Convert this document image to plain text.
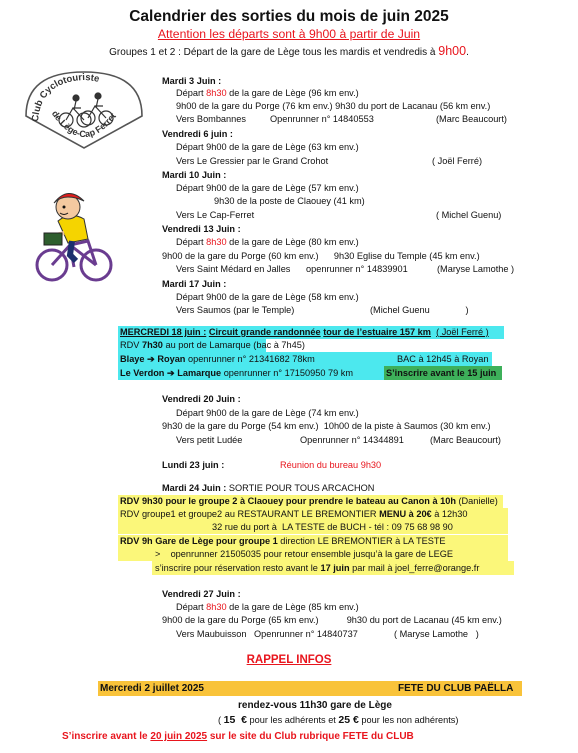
Calendrier des sorties du mois de juin 2025
Attention les départs sont à 9h00 à partir de Juin
Groupes 1 et 2 : Départ de la gare de Lège tous les mardis et vendredis à 9h00.
Club Cyclotouriste
de Lège-Cap Ferret
Mardi 3 Juin :
Départ 8h30 de la gare de Lège (96 km env.)
9h00 de la gare du Porge (76 km env.) 9h30 du port de Lacanau (56 km env.)
Vers Bombannes	Openrunner n° 14840553	(Marc Beaucourt)
Vendredi 6 juin :
Départ 9h00 de la gare de Lège (63 km env.)
Vers Le Gressier par le Grand Crohot	( Joël Ferré)
Mardi 10 Juin :
Départ 9h00 de la gare de Lège (57 km env.)
9h30 de la poste de Claouey (41 km)
Vers Le Cap-Ferret	( Michel Guenu)
Vendredi 13 Juin :
Départ 8h30 de la gare de Lège (80 km env.)
9h00 de la gare du Porge (60 km env.)      9h30 Eglise du Temple (45 km env.)
Vers Saint Médard en Jalles openrunner n° 14839901	(Maryse Lamothe )
Mardi 17 Juin :
Départ 9h00 de la gare de Lège (58 km env.)
Vers Saumos (par le Temple)	(Michel Guenu              )
MERCREDI 18 juin : Circuit grande randonnée tour de l’estuaire 157 km ( Joël Ferré )
RDV 7h30 au port de Lamarque (bac à 7h45)
Blaye ➔ Royan openrunner n° 21341682 78km	BAC à 12h45 à Royan
Le Verdon ➔ Lamarque openrunner n° 17150950 79 km	S’inscrire avant le 15 juin
Vendredi 20 Juin :
Départ 9h00 de la gare de Lège (74 km env.)
9h30 de la gare du Porge (54 km env.)  10h00 de la piste à Saumos (30 km env.)
Vers petit Ludée	Openrunner n° 14344891	(Marc Beaucourt)
Lundi 23 juin :	Réunion du bureau 9h30
Mardi 24 Juin : SORTIE POUR TOUS ARCACHON
RDV 9h30 pour le groupe 2 à Claouey pour prendre le bateau au Canon à 10h (Danielle)
RDV groupe1 et groupe2 au RESTAURANT LE BREMONTIER MENU à 20€ à 12h30
32 rue du port à  LA TESTE de BUCH - tél : 09 75 68 98 90
RDV 9h Gare de Lège pour groupe 1 direction LE BREMONTIER à LA TESTE
>    openrunner 21505035 pour retour ensemble jusqu’à la gare de LEGE
s’inscrire pour réservation resto avant le 17 juin par mail à joel_ferre@orange.fr
Vendredi 27 Juin :
Départ 8h30 de la gare de Lège (85 km env.)
9h00 de la gare du Porge (65 km env.)           9h30 du port de Lacanau (45 km env.)
Vers Maubuisson Openrunner n° 14840737	( Maryse Lamothe   )
RAPPEL INFOS
Mercredi 2 juillet 2025	FETE DU CLUB PAËLLA
rendez-vous 11h30 gare de Lège
( 15  € pour les adhérents et 25 € pour les non adhérents)
S’inscrire avant le 20 juin 2025 sur le site du Club rubrique FETE du CLUB
